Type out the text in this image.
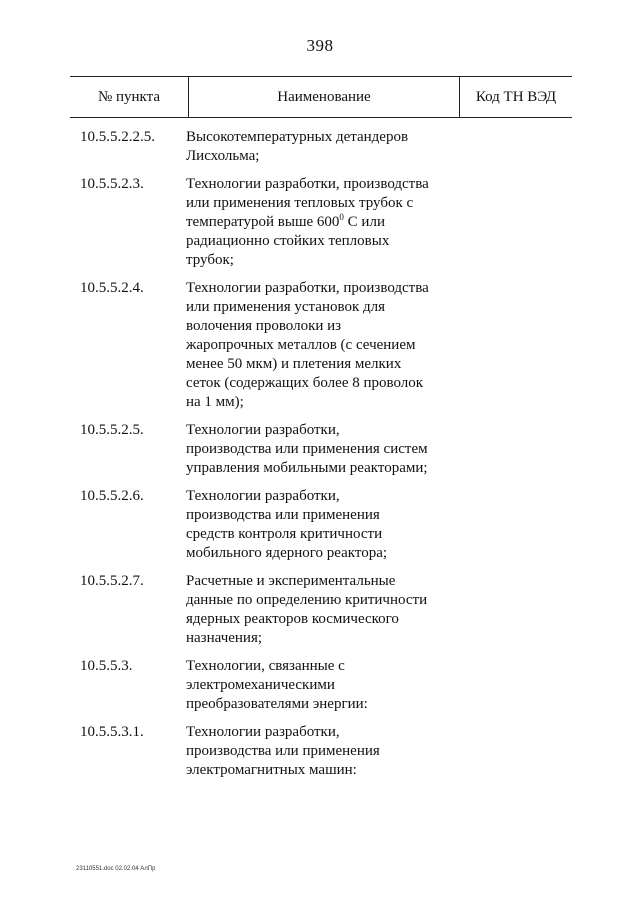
398
№ пункта	Наименование	Код ТН ВЭД
10.5.5.2.2.5.	Высокотемпературных детандеров
Лисхольма;
10.5.5.2.3.	Технологии разработки, производства
или применения тепловых трубок с
температурой выше $600^0$ С или
радиационно стойких тепловых
трубок;
10.5.5.2.4.	Технологии разработки, производства
или применения установок для
волочения проволоки из
жаропрочных металлов (с сечением
менее 50 мкм) и плетения мелких
сеток (содержащих более 8 проволок
на 1 мм);
10.5.5.2.5.	Технологии разработки,
производства или применения систем
управления мобильными реакторами;
10.5.5.2.6.	Технологии разработки,
производства или применения
средств контроля критичности
мобильного ядерного реактора;
10.5.5.2.7.	Расчетные и экспериментальные
данные по определению критичности
ядерных реакторов космического
назначения;
10.5.5.3.	Технологии, связанные с
электромеханическими
преобразователями энергии:
10.5.5.3.1.	Технологии разработки,
производства или применения
электромагнитных машин:
23110551.doc 02.02.04 АлПр
